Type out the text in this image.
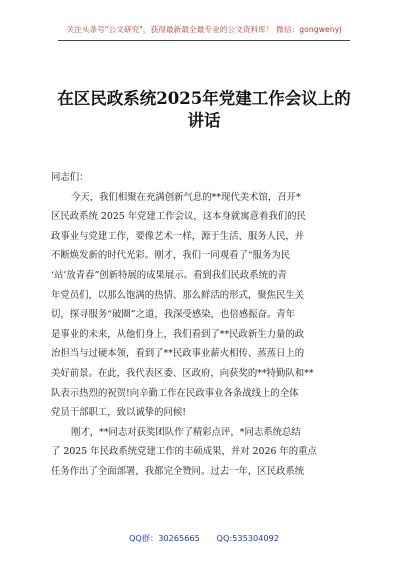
关注头条号"公文研究"，获得最新最全最专业的公文资料库！ 微信：gongwenyj
在区民政系统2025年党建工作会议上的
讲话
同志们：
今天，我们相聚在充满创新气息的**现代美术馆，召开*
区民政系统 2025 年党建工作会议，这本身就寓意着我们的民
政事业与党建工作，要像艺术一样，源于生活、服务人民，并
不断焕发新的时代光彩。刚才，我们一同观看了“服务为民
‘站’放青春”创新特展的成果展示。看到我们民政系统的青
年党员们，以那么饱满的热情、那么鲜活的形式，聚焦民生关
切，探寻服务“破圈”之道，我深受感染，也倍感振奋。青年
是事业的未来，从他们身上，我们看到了**民政新生力量的政
治担当与过硬本领，看到了**民政事业薪火相传、蒸蒸日上的
美好前景。在此，我代表区委、区政府，向获奖的**特勤队和**
队表示热烈的祝贺!向辛勤工作在民政事业各条战线上的全体
党员干部职工，致以诚挚的问候!
刚才，**同志对获奖团队作了精彩点评，*同志系统总结
了 2025 年民政系统党建工作的丰硕成果，并对 2026 年的重点
任务作出了全面部署，我都完全赞同。过去一年，区民政系统
QQ群：30265665 QQ:535304092
